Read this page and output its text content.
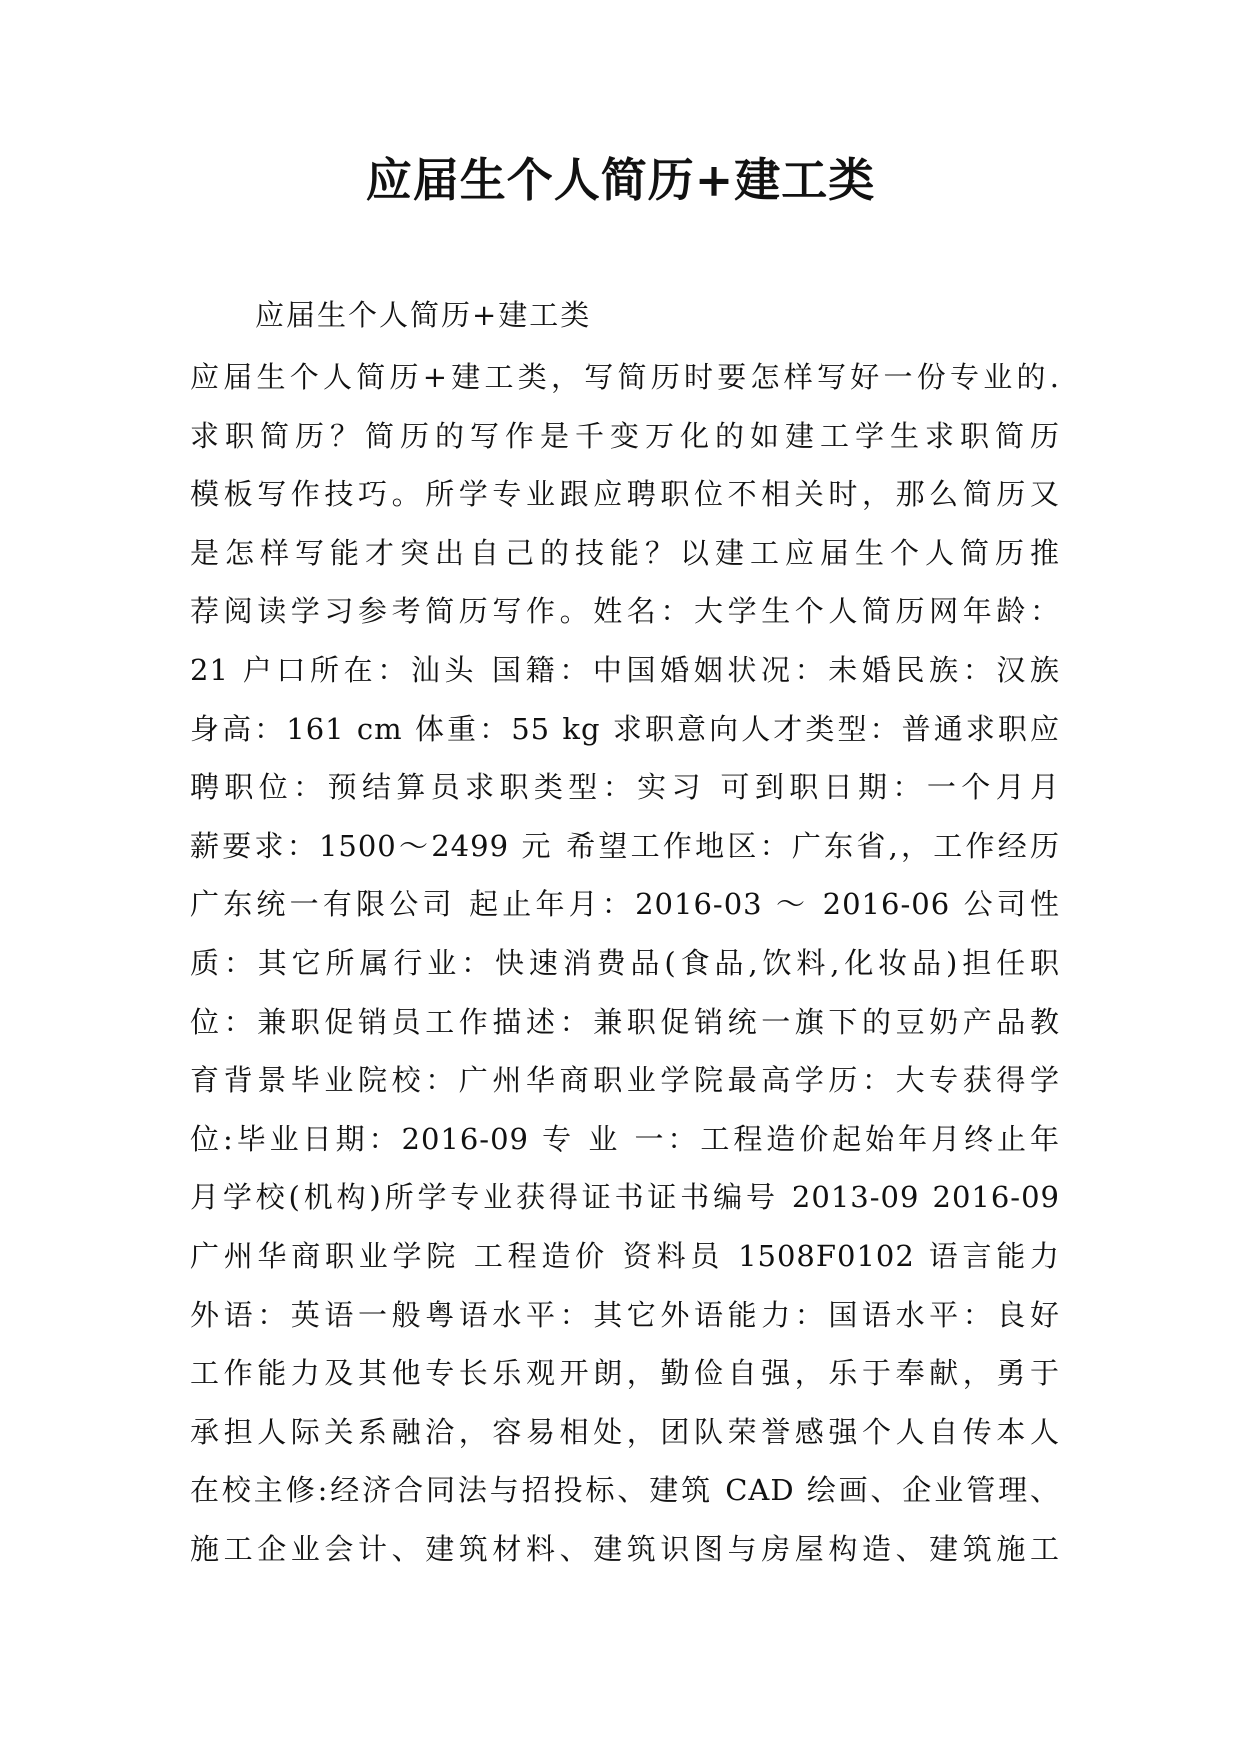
应届生个人简历+建工类
应届生个人简历+建工类
应届生个人简历+建工类，写简历时要怎样写好一份专业的.
求职简历？简历的写作是千变万化的如建工学生求职简历
模板写作技巧。所学专业跟应聘职位不相关时，那么简历又
是怎样写能才突出自己的技能？以建工应届生个人简历推
荐阅读学习参考简历写作。姓名：大学生个人简历网年龄：
21 户口所在：汕头 国籍：中国婚姻状况：未婚民族：汉族
身高：161 cm 体重：55 kg 求职意向人才类型：普通求职应
聘职位：预结算员求职类型：实习 可到职日期：一个月月
薪要求：1500～2499 元 希望工作地区：广东省,，工作经历
广东统一有限公司 起止年月：2016-03 ～ 2016-06 公司性
质：其它所属行业：快速消费品(食品,饮料,化妆品)担任职
位：兼职促销员工作描述：兼职促销统一旗下的豆奶产品教
育背景毕业院校：广州华商职业学院最高学历：大专获得学
位:毕业日期：2016-09 专 业 一：工程造价起始年月终止年
月学校(机构)所学专业获得证书证书编号 2013-09 2016-09
广州华商职业学院 工程造价 资料员 1508F0102 语言能力
外语：英语一般粤语水平：其它外语能力：国语水平：良好
工作能力及其他专长乐观开朗，勤俭自强，乐于奉献，勇于
承担人际关系融洽，容易相处，团队荣誉感强个人自传本人
在校主修:经济合同法与招投标、建筑 CAD 绘画、企业管理、
施工企业会计、建筑材料、建筑识图与房屋构造、建筑施工
